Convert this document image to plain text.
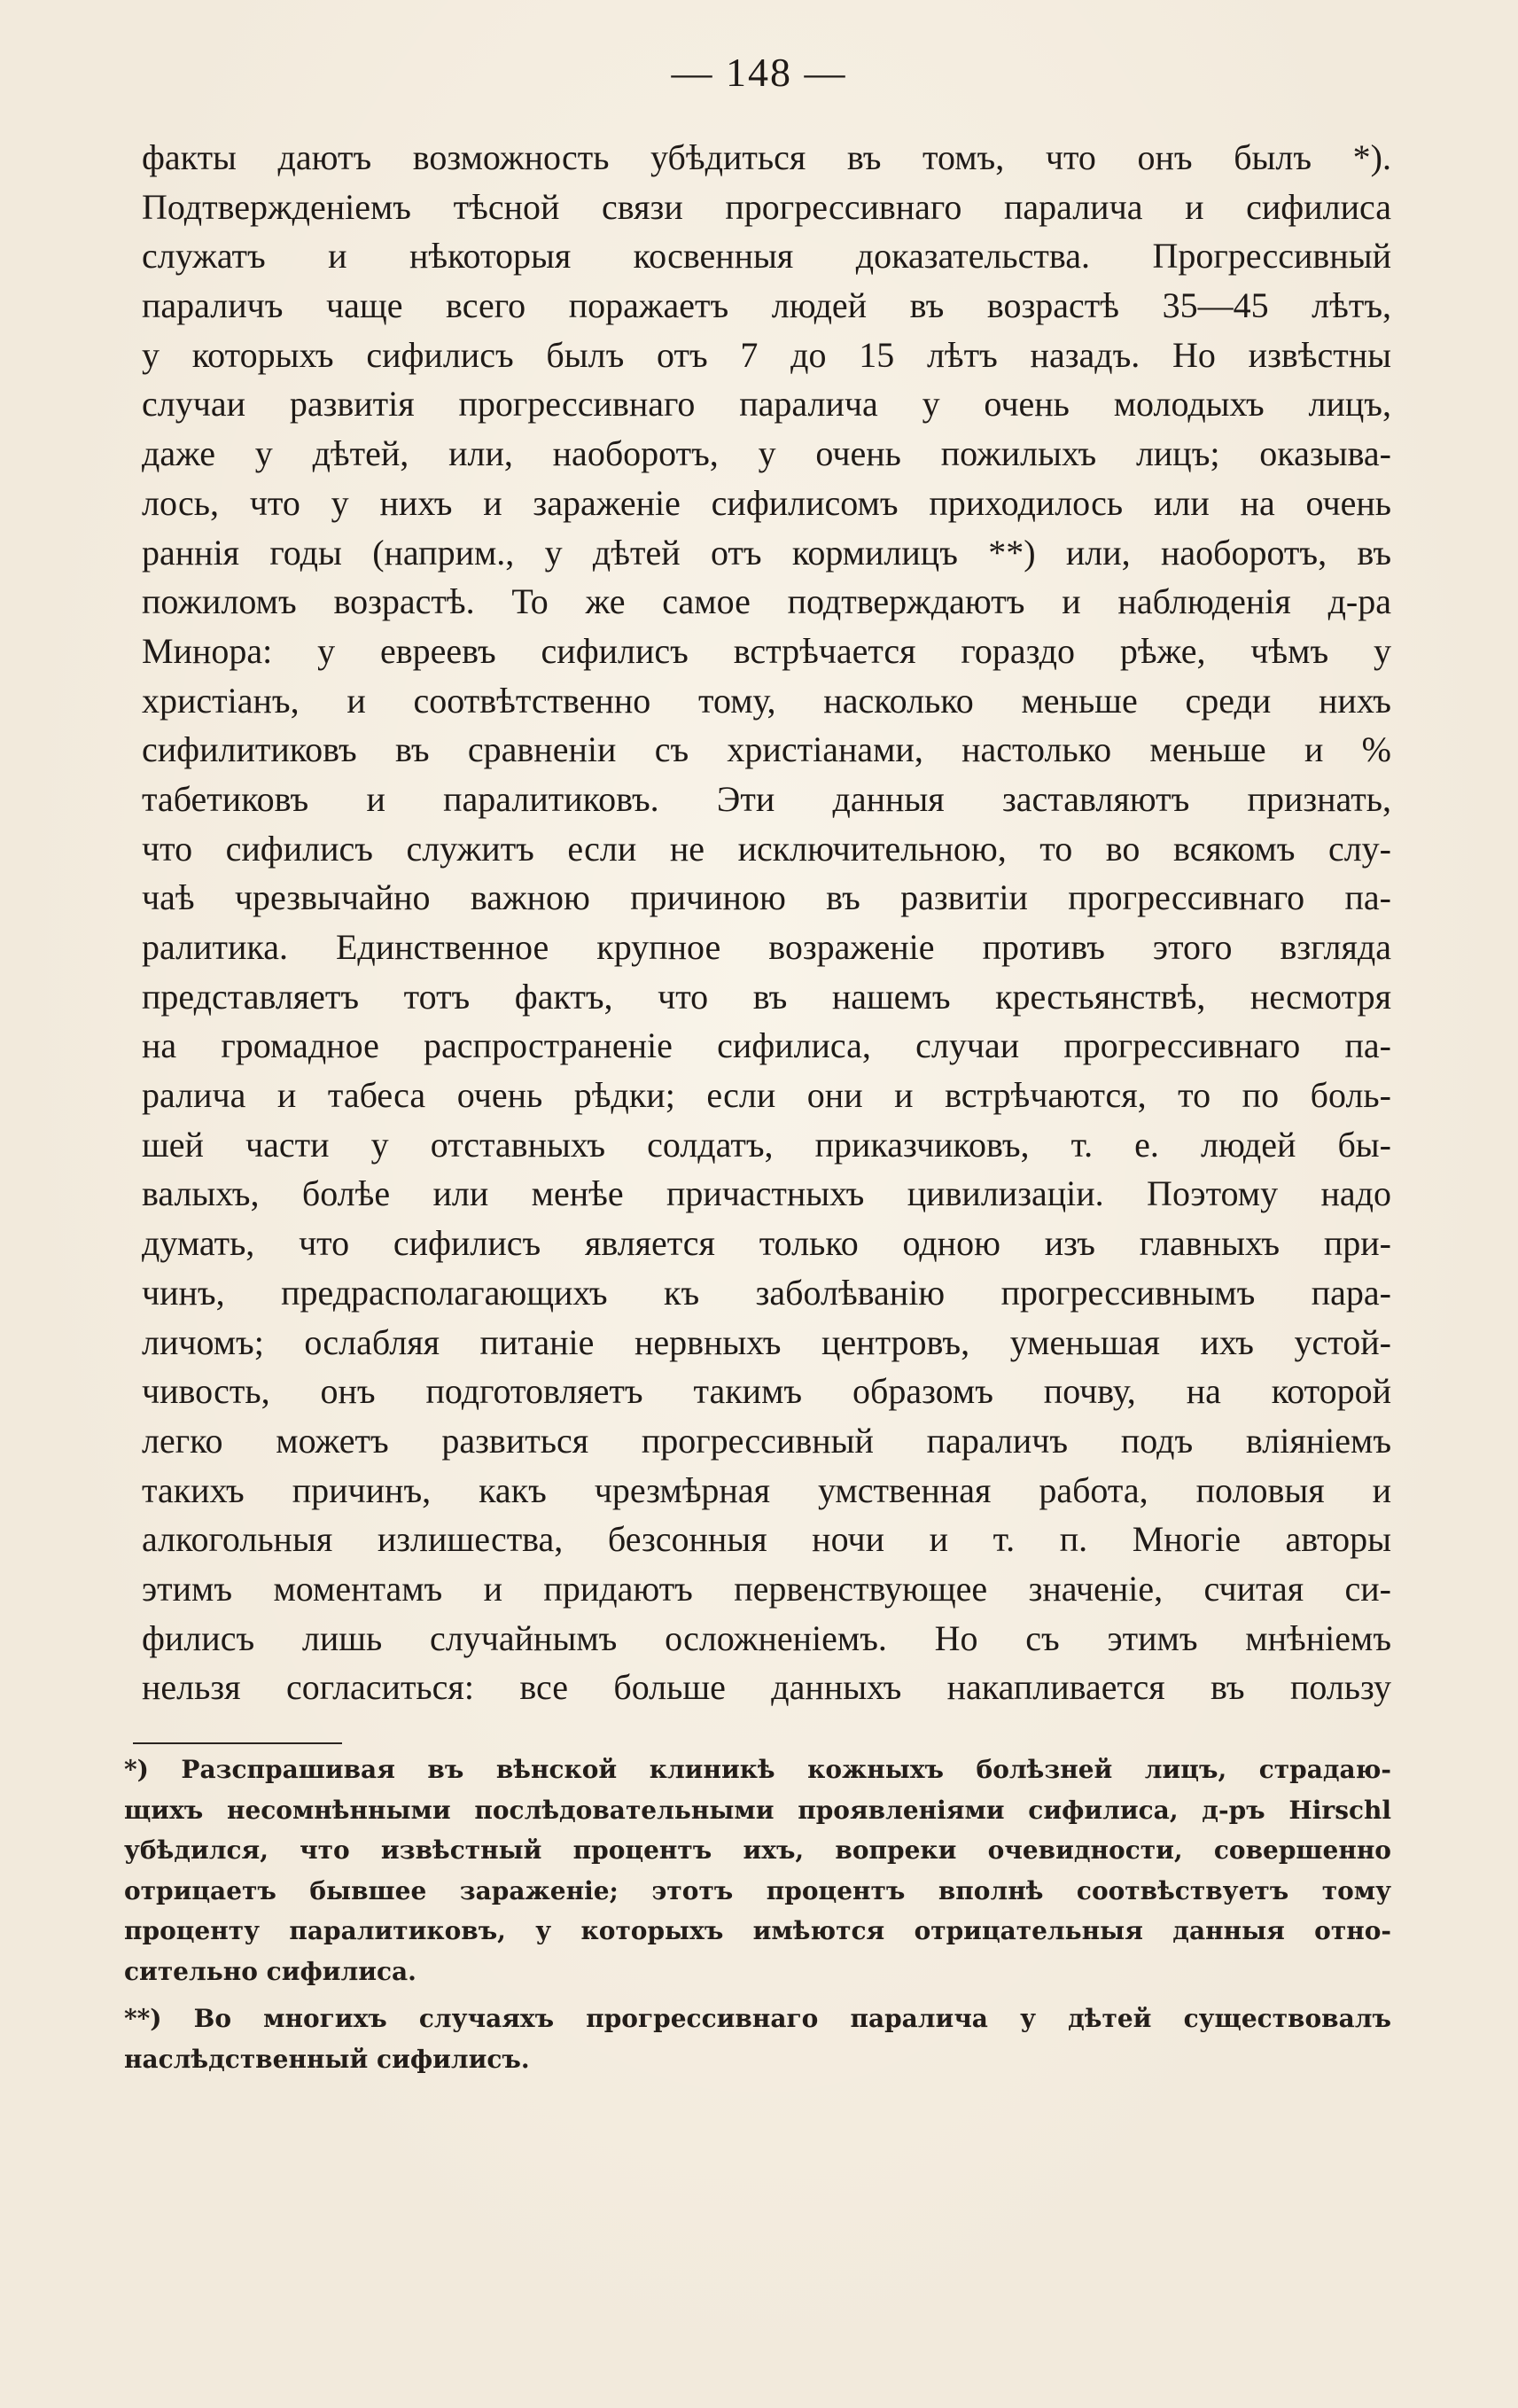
— 148 —
факты даютъ возможность убѣдиться въ томъ, что онъ былъ *).
Подтвержденіемъ тѣсной связи прогрессивнаго паралича и сифилиса
служатъ и нѣкоторыя косвенныя доказательства. Прогрессивный
параличъ чаще всего поражаетъ людей въ возрастѣ 35—45 лѣтъ,
у которыхъ сифилисъ былъ отъ 7 до 15 лѣтъ назадъ. Но извѣстны
случаи развитія прогрессивнаго паралича у очень молодыхъ лицъ,
даже у дѣтей, или, наоборотъ, у очень пожилыхъ лицъ; оказыва-
лось, что у нихъ и зараженіе сифилисомъ приходилось или на очень
раннія годы (наприм., у дѣтей отъ кормилицъ **) или, наоборотъ, въ
пожиломъ возрастѣ. То же самое подтверждаютъ и наблюденія д-ра
Минора: у евреевъ сифилисъ встрѣчается гораздо рѣже, чѣмъ у
христіанъ, и соотвѣтственно тому, насколько меньше среди нихъ
сифилитиковъ въ сравненіи съ христіанами, настолько меньше и %
табетиковъ и паралитиковъ. Эти данныя заставляютъ признать,
что сифилисъ служитъ если не исключительною, то во всякомъ слу-
чаѣ чрезвычайно важною причиною въ развитіи прогрессивнаго па-
ралитика. Единственное крупное возраженіе противъ этого взгляда
представляетъ тотъ фактъ, что въ нашемъ крестьянствѣ, несмотря
на громадное распространеніе сифилиса, случаи прогрессивнаго па-
ралича и табеса очень рѣдки; если они и встрѣчаются, то по боль-
шей части у отставныхъ солдатъ, приказчиковъ, т. е. людей бы-
валыхъ, болѣе или менѣе причастныхъ цивилизаціи. Поэтому надо
думать, что сифилисъ является только одною изъ главныхъ при-
чинъ, предрасполагающихъ къ заболѣванію прогрессивнымъ пара-
личомъ; ослабляя питаніе нервныхъ центровъ, уменьшая ихъ устой-
чивость, онъ подготовляетъ такимъ образомъ почву, на которой
легко можетъ развиться прогрессивный параличъ подъ вліяніемъ
такихъ причинъ, какъ чрезмѣрная умственная работа, половыя и
алкогольныя излишества, безсонныя ночи и т. п. Многіе авторы
этимъ моментамъ и придаютъ первенствующее значеніе, считая си-
филисъ лишь случайнымъ осложненіемъ. Но съ этимъ мнѣніемъ
нельзя согласиться: все больше данныхъ накапливается въ пользу
*) Разспрашивая въ вѣнской клиникѣ кожныхъ болѣзней лицъ, страдаю-
щихъ несомнѣнными послѣдовательными проявленіями сифилиса, д-ръ Hirschl
убѣдился, что извѣстный процентъ ихъ, вопреки очевидности, совершенно
отрицаетъ бывшее зараженіе; этотъ процентъ вполнѣ соотвѣствуетъ тому
проценту паралитиковъ, у которыхъ имѣются отрицательныя данныя отно-
сительно сифилиса.
**) Во многихъ случаяхъ прогрессивнаго паралича у дѣтей существовалъ
наслѣдственный сифилисъ.
